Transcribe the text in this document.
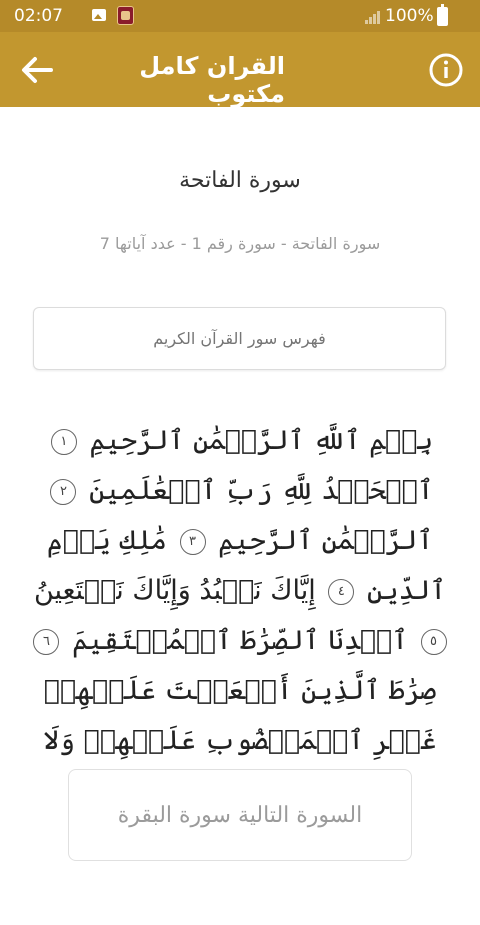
02:07	100%
القران كامل مكتوب
سورة الفاتحة
سورة الفاتحة - سورة رقم 1 - عدد آياتها 7
فهرس سور القرآن الكريم
بِسۡمِ ٱللَّهِ ٱلرَّحۡمَٰنِ ٱلرَّحِيمِ ١ ٱلۡحَمۡدُ لِلَّهِ رَبِّ ٱلۡعَٰلَمِينَ ٢ ٱلرَّحۡمَٰنِ ٱلرَّحِيمِ ٣ مَٰلِكِ يَوۡمِ ٱلدِّينِ ٤ إِيَّاكَ نَعۡبُدُ وَإِيَّاكَ نَسۡتَعِينُ ٥ ٱهۡدِنَا ٱلصِّرَٰطَ ٱلۡمُسۡتَقِيمَ ٦ صِرَٰطَ ٱلَّذِينَ أَنۡعَمۡتَ عَلَيۡهِمۡ غَيۡرِ ٱلۡمَغۡضُوبِ عَلَيۡهِمۡ وَلَا
السورة التالية سورة البقرة
